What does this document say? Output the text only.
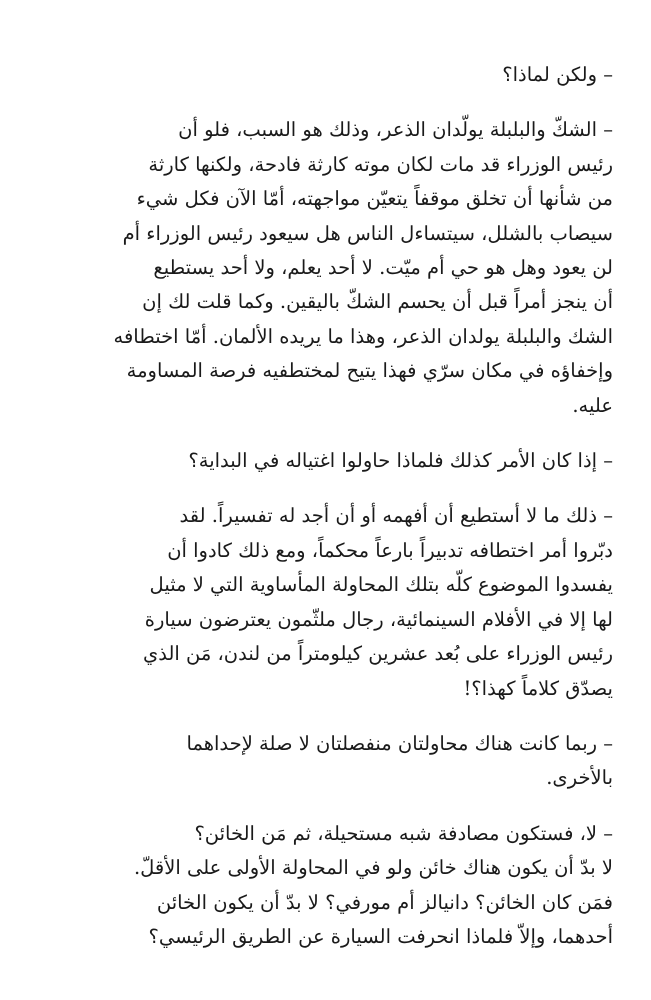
– ولكن لماذا؟

– الشكّ والبلبلة يولّدان الذعر، وذلك هو السبب، فلو أن
رئيس الوزراء قد مات لكان موته كارثة فادحة، ولكنها كارثة
من شأنها أن تخلق موقفاً يتعيّن مواجهته، أمّا الآن فكل شيء
سيصاب بالشلل، سيتساءل الناس هل سيعود رئيس الوزراء أم
لن يعود وهل هو حي أم ميّت. لا أحد يعلم، ولا أحد يستطيع
أن ينجز أمراً قبل أن يحسم الشكّ باليقين. وكما قلت لك إن
الشك والبلبلة يولدان الذعر، وهذا ما يريده الألمان. أمّا اختطافه
وإخفاؤه في مكان سرّي فهذا يتيح لمختطفيه فرصة المساومة
عليه.

– إذا كان الأمر كذلك فلماذا حاولوا اغتياله في البداية؟

– ذلك ما لا أستطيع أن أفهمه أو أن أجد له تفسيراً. لقد
دبّروا أمر اختطافه تدبيراً بارعاً محكماً، ومع ذلك كادوا أن
يفسدوا الموضوع كلّه بتلك المحاولة المأساوية التي لا مثيل
لها إلا في الأفلام السينمائية، رجال ملثّمون يعترضون سيارة
رئيس الوزراء على بُعد عشرين كيلومتراً من لندن، مَن الذي
يصدّق كلاماً كهذا؟!

– ربما كانت هناك محاولتان منفصلتان لا صلة لإحداهما
بالأخرى.

– لا، فستكون مصادفة شبه مستحيلة، ثم مَن الخائن؟
لا بدّ أن يكون هناك خائن ولو في المحاولة الأولى على الأقلّ.
فمَن كان الخائن؟ دانيالز أم مورفي؟ لا بدّ أن يكون الخائن
أحدهما، وإلاّ فلماذا انحرفت السيارة عن الطريق الرئيسي؟
